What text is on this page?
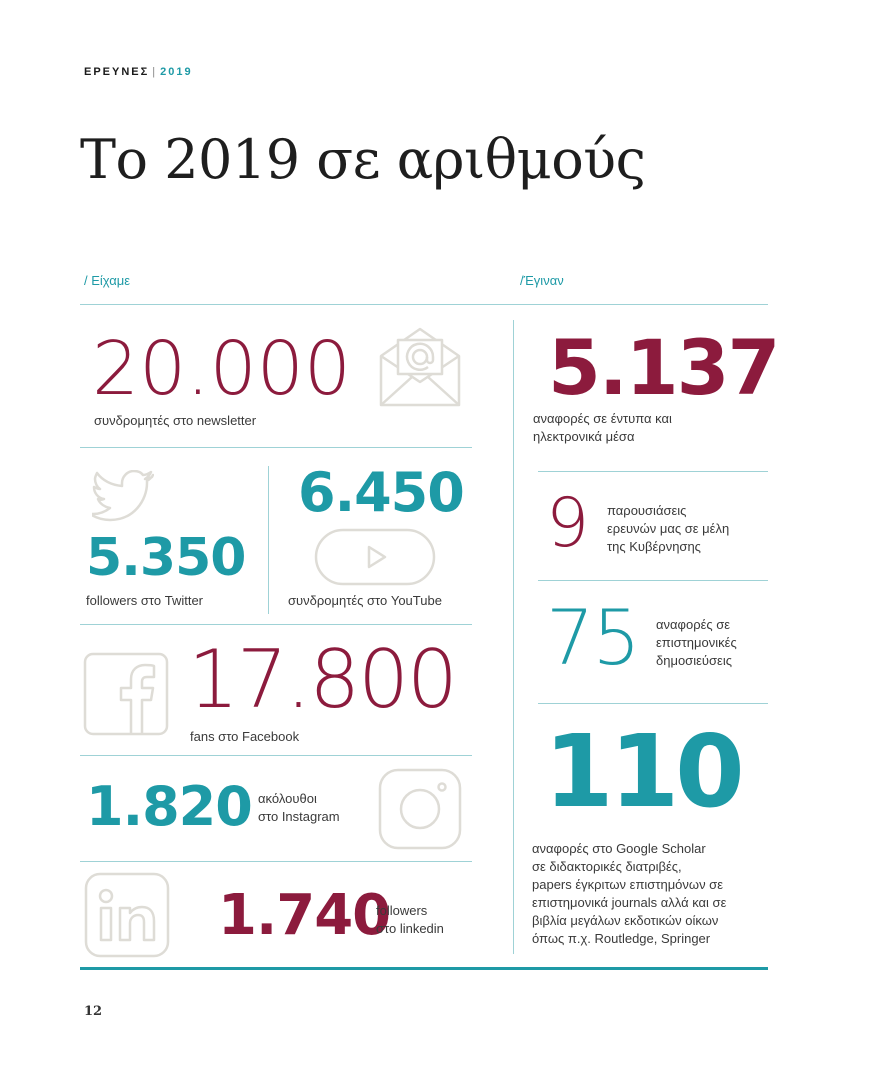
ΕΡΕΥΝΕΣ | 2019
Το 2019 σε αριθμούς
/ Είχαμε	/Έγιναν
20.000
συνδρομητές στο newsletter
5.350
followers στο Twitter
6.450
συνδρομητές στο YouTube
17.800
fans στο Facebook
1.820 ακόλουθοι
στο Instagram
1.740
followers
στο linkedin
5.137
αναφορές σε έντυπα και
ηλεκτρονικά μέσα
9 παρουσιάσεις
ερευνών μας σε μέλη
της Κυβέρνησης
75 αναφορές σε
επιστημονικές
δημοσιεύσεις
110
αναφορές στο Google Scholar
σε διδακτορικές διατριβές,
papers έγκριτων επιστημόνων σε
επιστημονικά journals αλλά και σε
βιβλία μεγάλων εκδοτικών οίκων
όπως π.χ. Routledge, Springer
12
